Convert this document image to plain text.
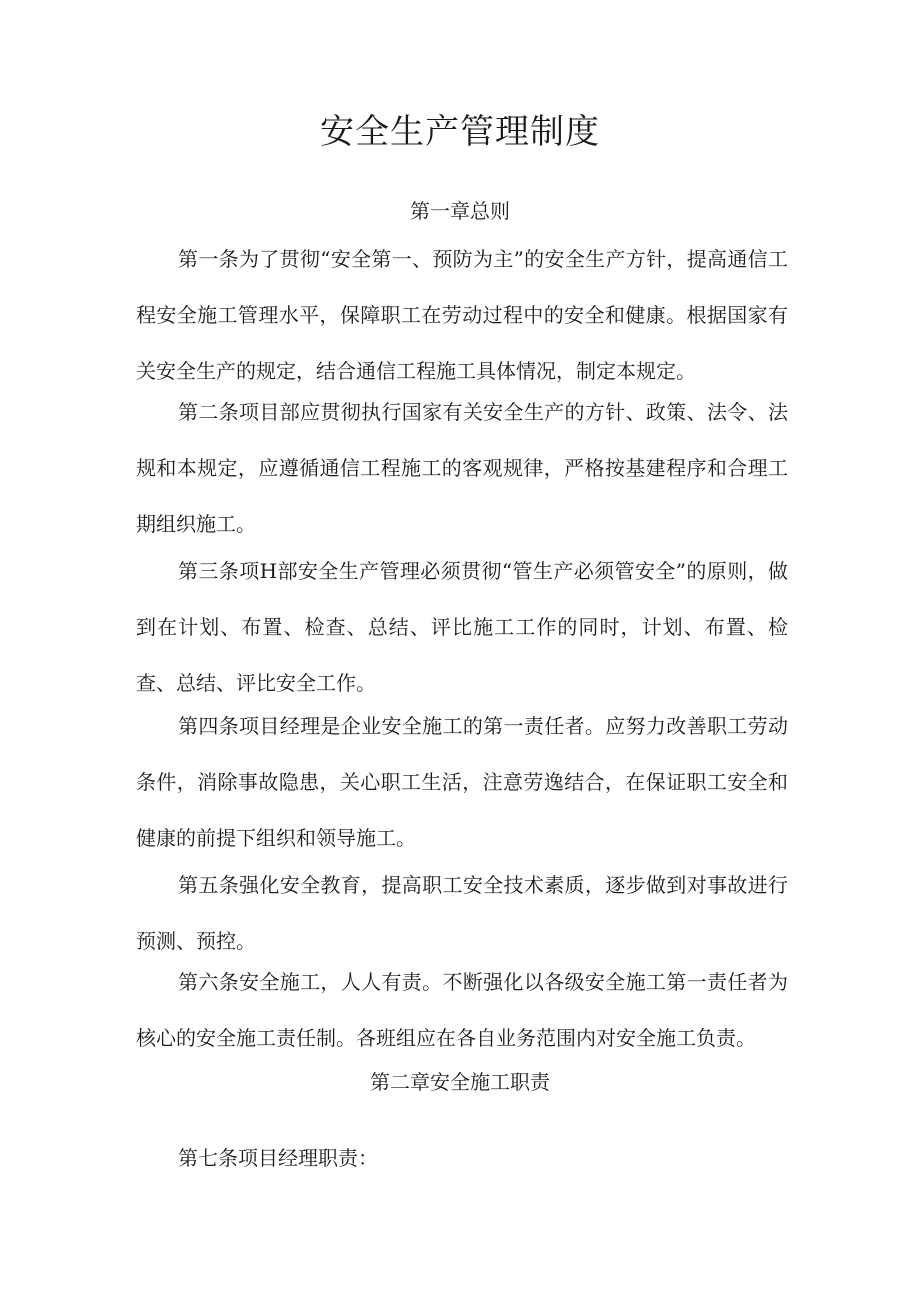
安全生产管理制度
第一章总则

第一条为了贯彻“安全第一、预防为主”的安全生产方针，提高通信工程安全施工管理水平，保障职工在劳动过程中的安全和健康。根据国家有关安全生产的规定，结合通信工程施工具体情况，制定本规定。

第二条项目部应贯彻执行国家有关安全生产的方针、政策、法令、法规和本规定，应遵循通信工程施工的客观规律，严格按基建程序和合理工期组织施工。

第三条项H部安全生产管理必须贯彻“管生产必须管安全”的原则，做到在计划、布置、检查、总结、评比施工工作的同时，计划、布置、检查、总结、评比安全工作。

第四条项目经理是企业安全施工的第一责任者。应努力改善职工劳动条件，消除事故隐患，关心职工生活，注意劳逸结合，在保证职工安全和健康的前提下组织和领导施工。

第五条强化安全教育，提高职工安全技术素质，逐步做到对事故进行预测、预控。

第六条安全施工，人人有责。不断强化以各级安全施工第一责任者为核心的安全施工责任制。各班组应在各自业务范围内对安全施工负责。

第二章安全施工职责

第七条项目经理职责：
